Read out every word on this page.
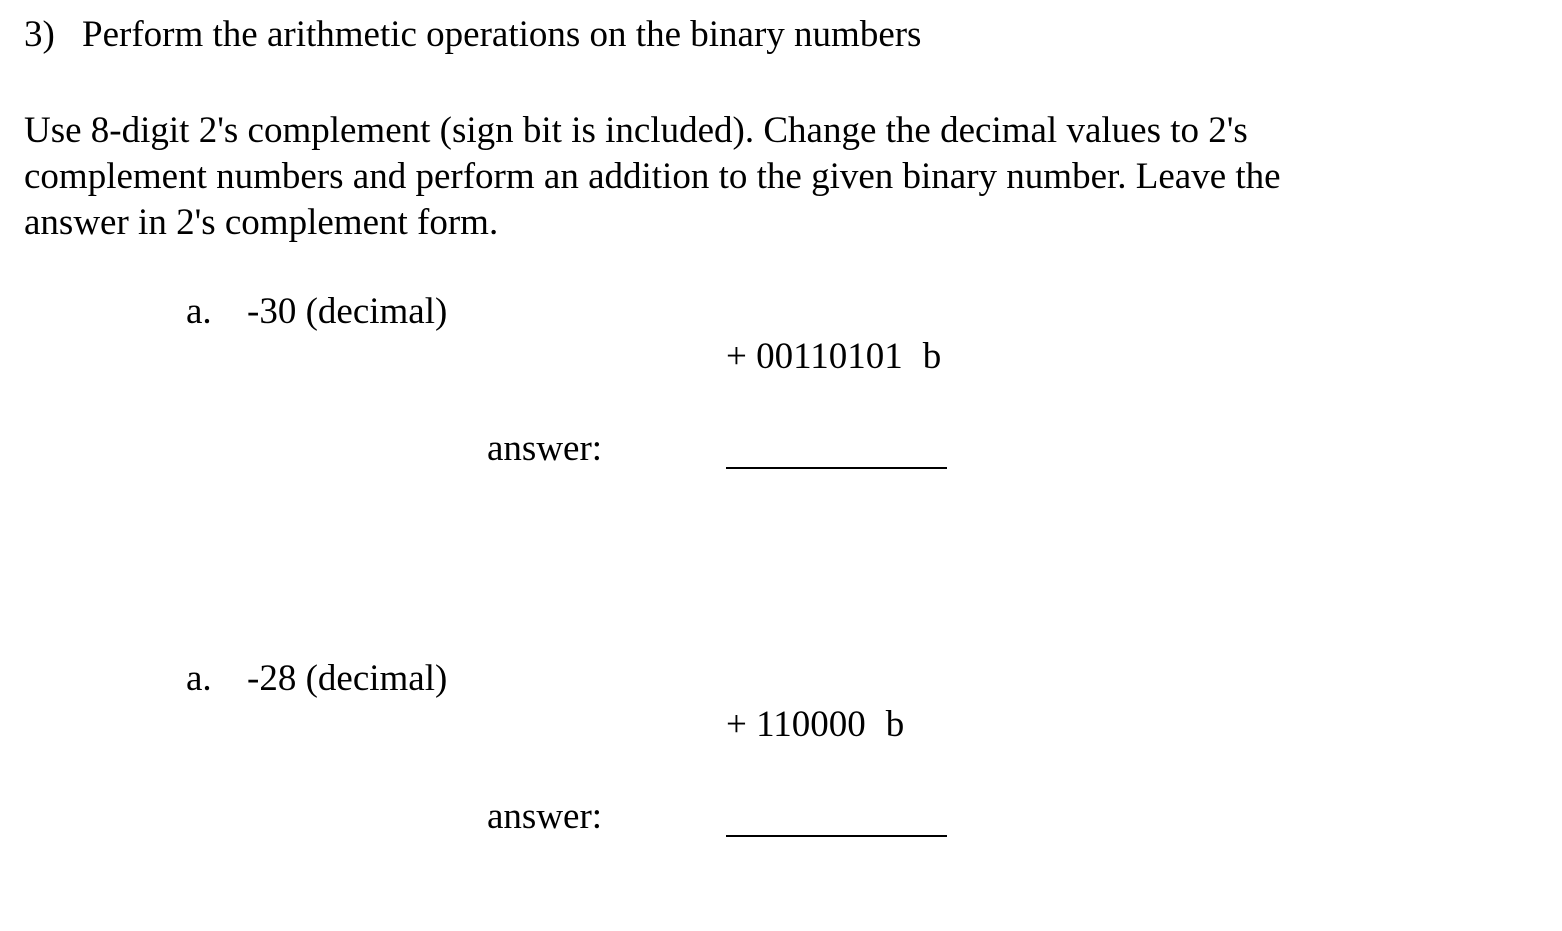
3) Perform the arithmetic operations on the binary numbers
Use 8-digit 2's complement (sign bit is included). Change the decimal values to 2's
complement numbers and perform an addition to the given binary number. Leave the
answer in 2's complement form.
a. -30 (decimal)
+ 00110101 b
answer:
a. -28 (decimal)
+ 110000 b
answer:
